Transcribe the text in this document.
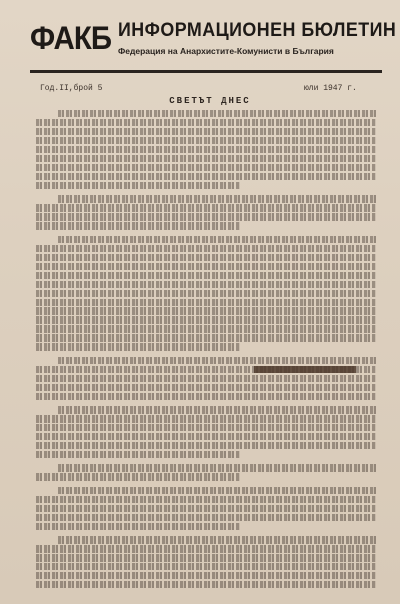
ФАКБ ИНФОРМАЦИОНЕН БЮЛЕТИН
Федерация на Анархистите-Комунисти в България
Год.II,брой 5	юли 1947 г.
СВЕТЪТ ДНЕС
